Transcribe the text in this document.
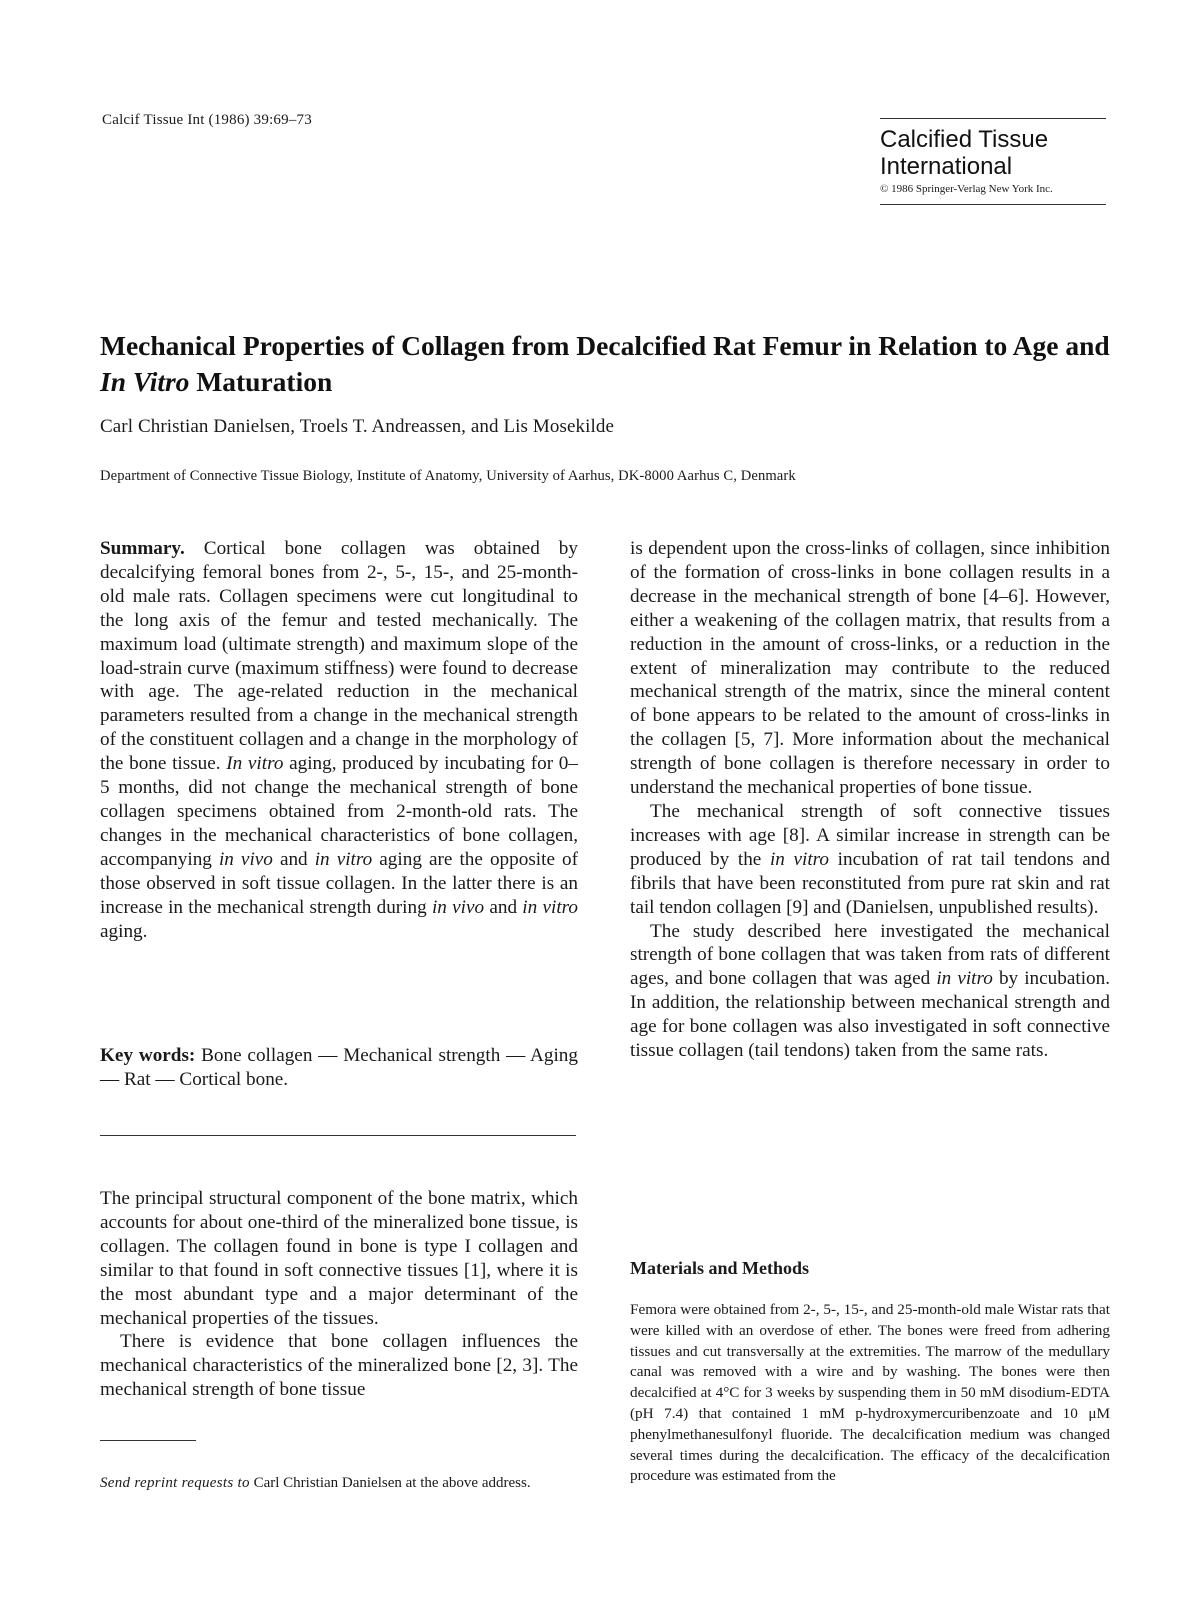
Calcif Tissue Int (1986) 39:69–73
Calcified Tissue
International
© 1986 Springer-Verlag New York Inc.
Mechanical Properties of Collagen from Decalcified Rat Femur in Relation to Age and In Vitro Maturation
Carl Christian Danielsen, Troels T. Andreassen, and Lis Mosekilde
Department of Connective Tissue Biology, Institute of Anatomy, University of Aarhus, DK-8000 Aarhus C, Denmark

Summary. Cortical bone collagen was obtained by decalcifying femoral bones from 2-, 5-, 15-, and 25-month-old male rats. Collagen specimens were cut longitudinal to the long axis of the femur and tested mechanically. The maximum load (ultimate strength) and maximum slope of the load-strain curve (maximum stiffness) were found to decrease with age. The age-related reduction in the mechanical parameters resulted from a change in the mechanical strength of the constituent collagen and a change in the morphology of the bone tissue. In vitro aging, produced by incubating for 0–5 months, did not change the mechanical strength of bone collagen specimens obtained from 2-month-old rats. The changes in the mechanical characteristics of bone collagen, accompanying in vivo and in vitro aging are the opposite of those observed in soft tissue collagen. In the latter there is an increase in the mechanical strength during in vivo and in vitro aging.

Key words: Bone collagen — Mechanical strength — Aging — Rat — Cortical bone.

The principal structural component of the bone matrix, which accounts for about one-third of the mineralized bone tissue, is collagen. The collagen found in bone is type I collagen and similar to that found in soft connective tissues [1], where it is the most abundant type and a major determinant of the mechanical properties of the tissues.

There is evidence that bone collagen influences the mechanical characteristics of the mineralized bone [2, 3]. The mechanical strength of bone tissue

Send reprint requests to Carl Christian Danielsen at the above address.

is dependent upon the cross-links of collagen, since inhibition of the formation of cross-links in bone collagen results in a decrease in the mechanical strength of bone [4–6]. However, either a weakening of the collagen matrix, that results from a reduction in the amount of cross-links, or a reduction in the extent of mineralization may contribute to the reduced mechanical strength of the matrix, since the mineral content of bone appears to be related to the amount of cross-links in the collagen [5, 7]. More information about the mechanical strength of bone collagen is therefore necessary in order to understand the mechanical properties of bone tissue.

The mechanical strength of soft connective tissues increases with age [8]. A similar increase in strength can be produced by the in vitro incubation of rat tail tendons and fibrils that have been reconstituted from pure rat skin and rat tail tendon collagen [9] and (Danielsen, unpublished results).

The study described here investigated the mechanical strength of bone collagen that was taken from rats of different ages, and bone collagen that was aged in vitro by incubation. In addition, the relationship between mechanical strength and age for bone collagen was also investigated in soft connective tissue collagen (tail tendons) taken from the same rats.

Materials and Methods

Femora were obtained from 2-, 5-, 15-, and 25-month-old male Wistar rats that were killed with an overdose of ether. The bones were freed from adhering tissues and cut transversally at the extremities. The marrow of the medullary canal was removed with a wire and by washing. The bones were then decalcified at 4°C for 3 weeks by suspending them in 50 mM disodium-EDTA (pH 7.4) that contained 1 mM p-hydroxymercuribenzoate and 10 μM phenylmethanesulfonyl fluoride. The decalcification medium was changed several times during the decalcification. The efficacy of the decalcification procedure was estimated from the
